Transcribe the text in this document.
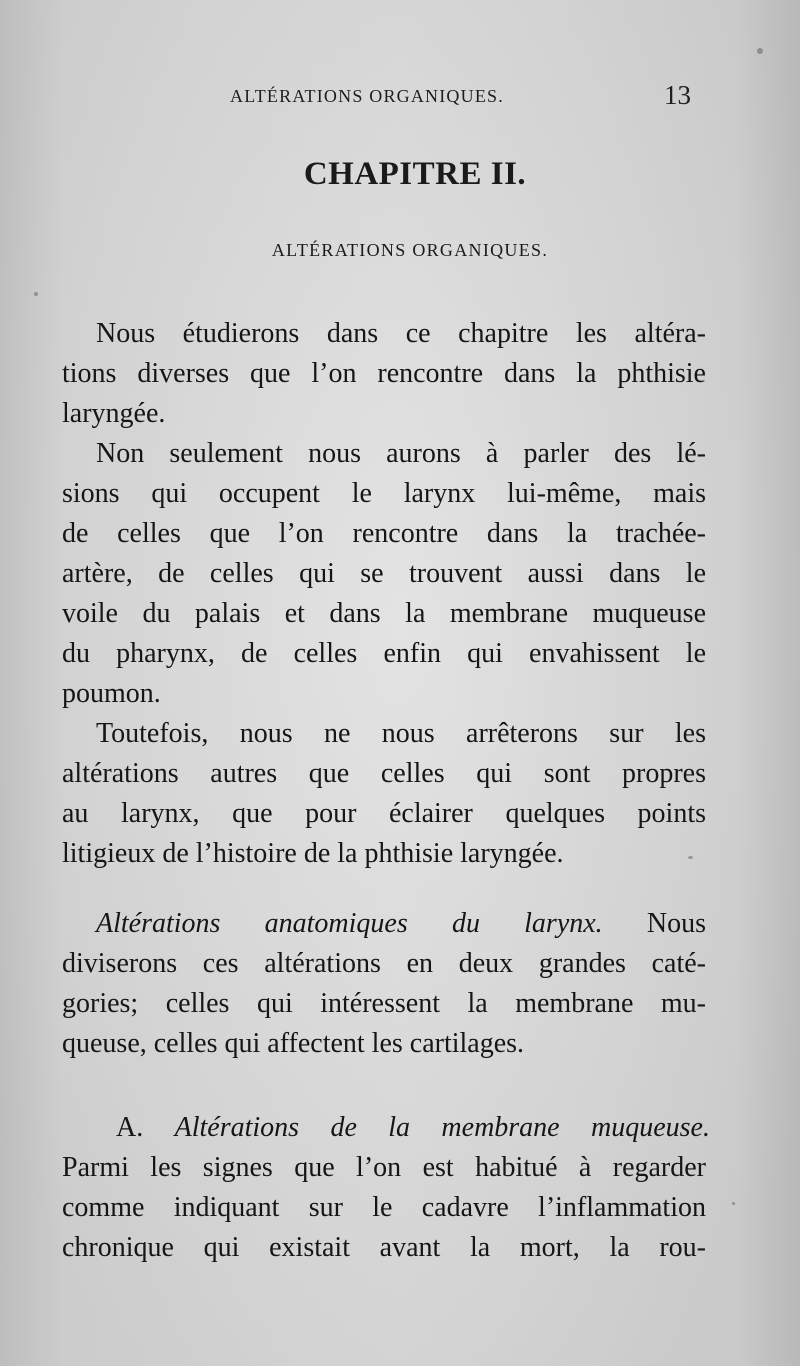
ALTÉRATIONS ORGANIQUES.	13
CHAPITRE II.
ALTÉRATIONS ORGANIQUES.
Nous étudierons dans ce chapitre les altéra-
tions diverses que l’on rencontre dans la phthisie
laryngée.
Non seulement nous aurons à parler des lé-
sions qui occupent le larynx lui-même, mais
de celles que l’on rencontre dans la trachée-
artère, de celles qui se trouvent aussi dans le
voile du palais et dans la membrane muqueuse
du pharynx, de celles enfin qui envahissent le
poumon.
Toutefois, nous ne nous arrêterons sur les
altérations autres que celles qui sont propres
au larynx, que pour éclairer quelques points
litigieux de l’histoire de la phthisie laryngée.
Altérations anatomiques du larynx. Nous
diviserons ces altérations en deux grandes caté-
gories; celles qui intéressent la membrane mu-
queuse, celles qui affectent les cartilages.
A. Altérations de la membrane muqueuse.
Parmi les signes que l’on est habitué à regarder
comme indiquant sur le cadavre l’inflammation
chronique qui existait avant la mort, la rou-
